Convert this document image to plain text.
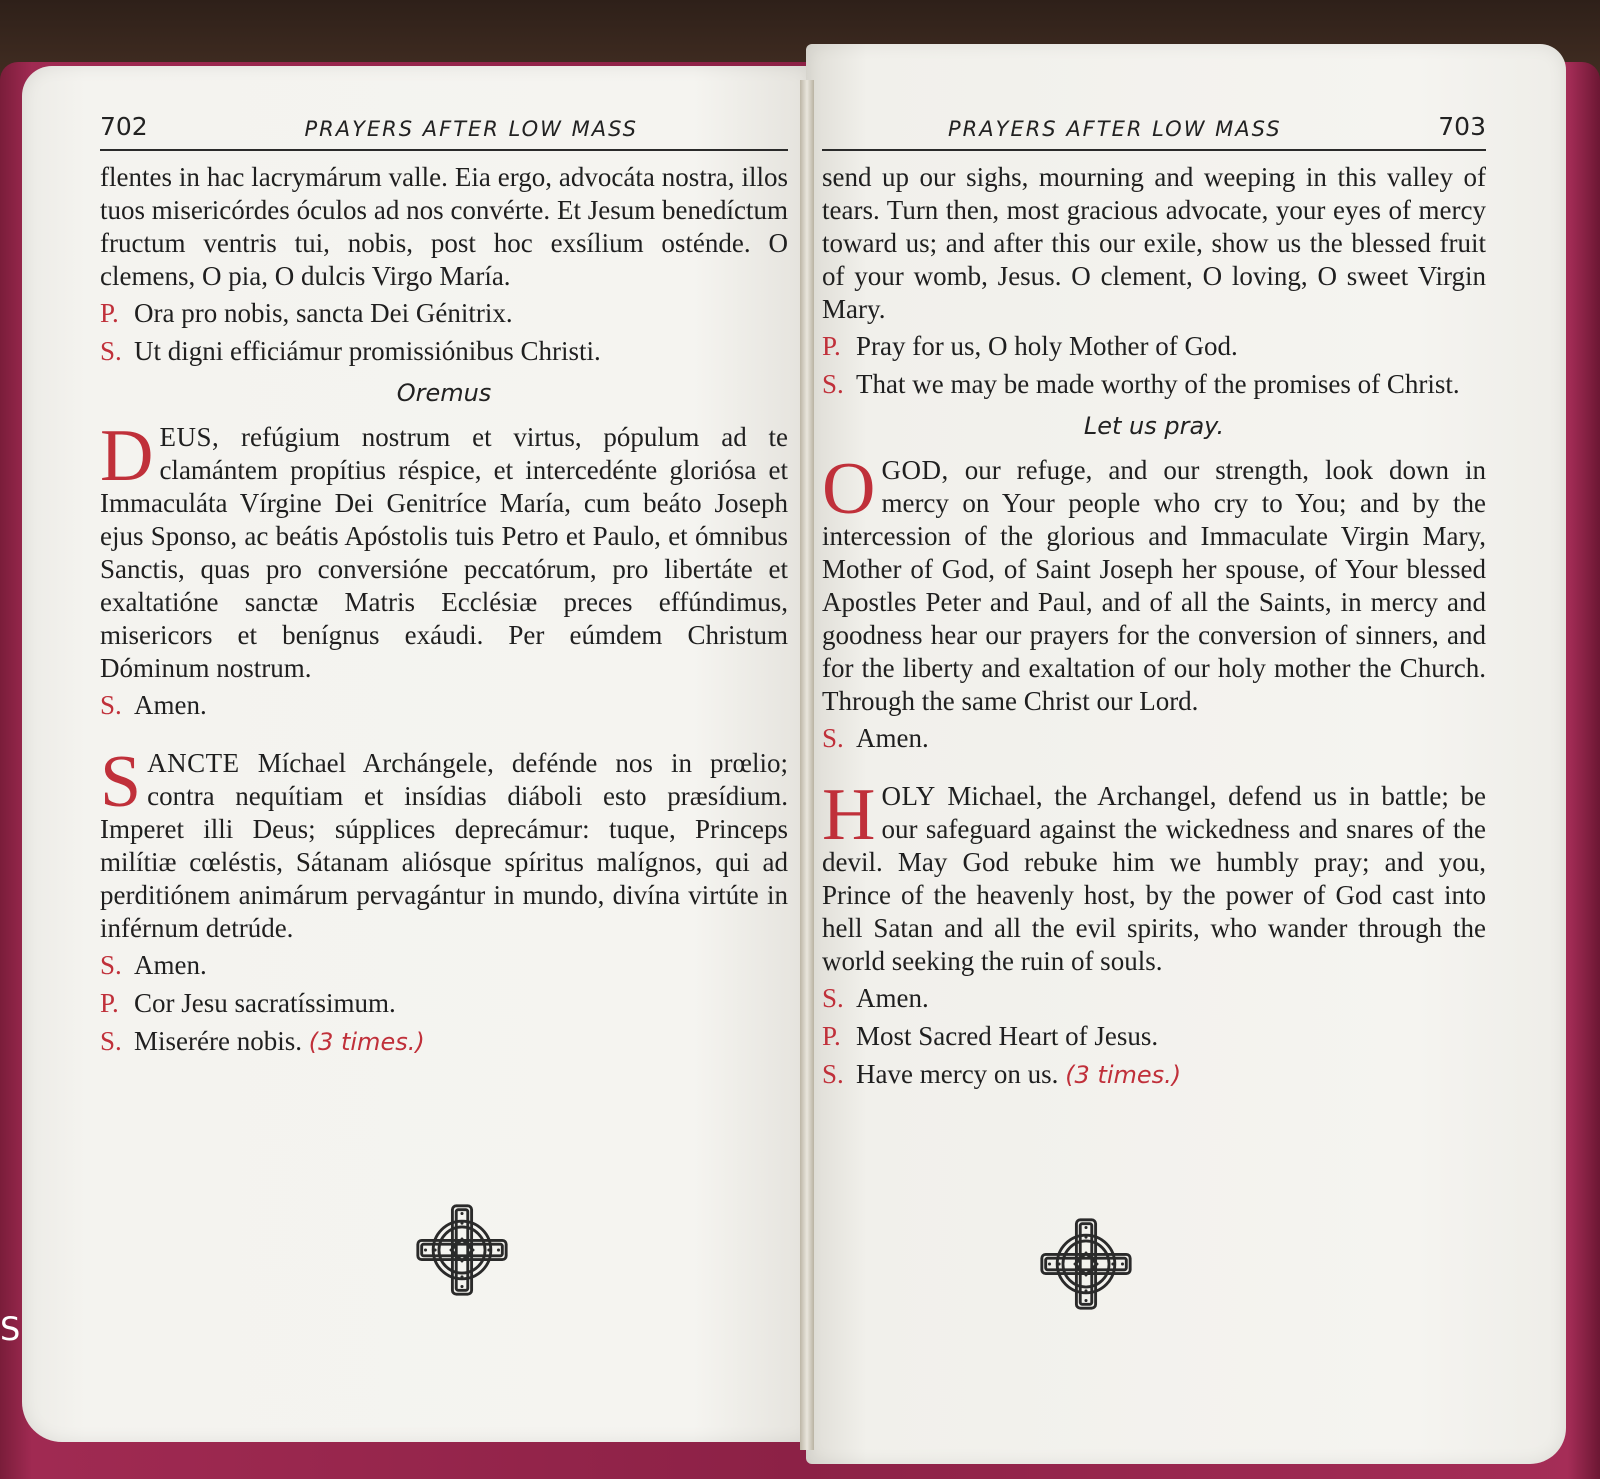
702	PRAYERS AFTER LOW MASS

flentes in hac lacrymárum valle. Eia ergo, advocáta nostra, illos tuos misericórdes óculos ad nos convérte. Et Jesum benedíctum fructum ventris tui, nobis, post hoc exsílium osténde. O clemens, O pia, O dulcis Virgo María.

P. Ora pro nobis, sancta Dei Génitrix.
S. Ut digni efficiámur promissiónibus Christi.
Oremus

DEUS, refúgium nostrum et virtus, pópulum ad te clamántem propítius réspice, et intercedénte gloriósa et Immaculáta Vírgine Dei Genitríce María, cum beáto Joseph ejus Sponso, ac beátis Apóstolis tuis Petro et Paulo, et ómnibus Sanctis, quas pro conversióne peccatórum, pro libertáte et exaltatióne sanctæ Matris Ecclésiæ preces effúndimus, misericors et benígnus exáudi. Per eúmdem Christum Dóminum nostrum.

S. Amen.

SANCTE Míchael Archángele, defénde nos in prœlio; contra nequítiam et insídias diáboli esto præsídium. Imperet illi Deus; súpplices deprecámur: tuque, Princeps milítiæ cœléstis, Sátanam aliósque spíritus malígnos, qui ad perditiónem animárum pervagántur in mundo, divína virtúte in inférnum detrúde.

S. Amen.
P. Cor Jesu sacratíssimum.
S. Miserére nobis. (3 times.)
PRAYERS AFTER LOW MASS	703

send up our sighs, mourning and weeping in this valley of tears. Turn then, most gracious advocate, your eyes of mercy toward us; and after this our exile, show us the blessed fruit of your womb, Jesus. O clement, O loving, O sweet Virgin Mary.

P. Pray for us, O holy Mother of God.
S. That we may be made worthy of the promises of Christ.
Let us pray.

OGOD, our refuge, and our strength, look down in mercy on Your people who cry to You; and by the intercession of the glorious and Immaculate Virgin Mary, Mother of God, of Saint Joseph her spouse, of Your blessed Apostles Peter and Paul, and of all the Saints, in mercy and goodness hear our prayers for the conversion of sinners, and for the liberty and exaltation of our holy mother the Church. Through the same Christ our Lord.

S. Amen.

HOLY Michael, the Archangel, defend us in battle; be our safeguard against the wickedness and snares of the devil. May God rebuke him we humbly pray; and you, Prince of the heavenly host, by the power of God cast into hell Satan and all the evil spirits, who wander through the world seeking the ruin of souls.

S. Amen.
P. Most Sacred Heart of Jesus.
S. Have mercy on us. (3 times.)
S
